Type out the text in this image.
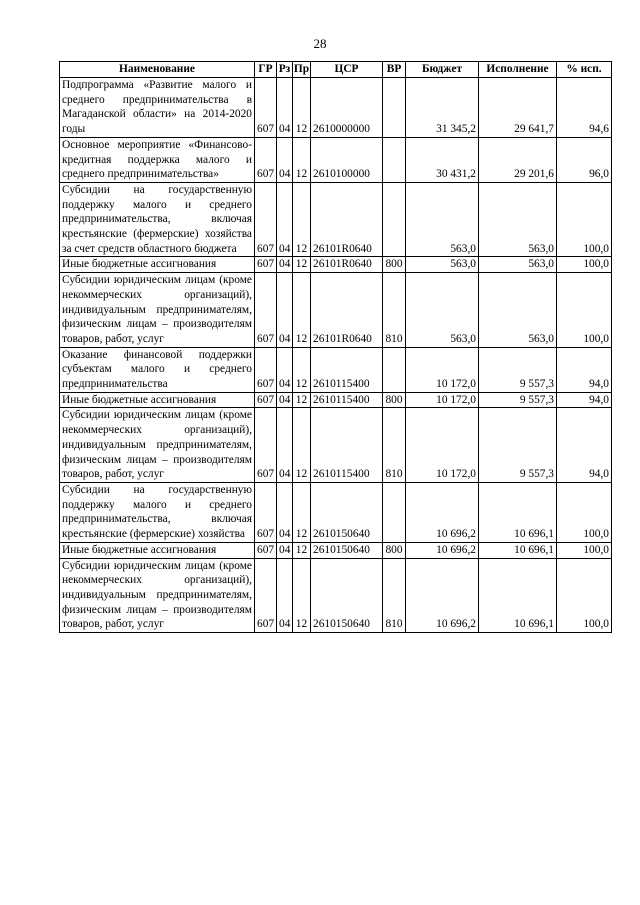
28
Наименование	ГР	Рз	Пр	ЦСР	ВР	Бюджет	Исполнение	% исп.
Подпрограмма «Развитие малого и среднего предпринимательства в Магаданской области» на 2014-2020 годы	607	04	12	2610000000		31 345,2	29 641,7	94,6
Основное мероприятие «Финансово-кредитная поддержка малого и среднего предпринимательства»	607	04	12	2610100000		30 431,2	29 201,6	96,0
Субсидии на государственную поддержку малого и среднего предпринимательства, включая крестьянские (фермерские) хозяйства за счет средств областного бюджета	607	04	12	26101R0640		563,0	563,0	100,0
Иные бюджетные ассигнования	607	04	12	26101R0640	800	563,0	563,0	100,0
Субсидии юридическим лицам (кроме некоммерческих организаций), индивидуальным предпринимателям, физическим лицам – производителям товаров, работ, услуг	607	04	12	26101R0640	810	563,0	563,0	100,0
Оказание финансовой поддержки субъектам малого и среднего предпринимательства	607	04	12	2610115400		10 172,0	9 557,3	94,0
Иные бюджетные ассигнования	607	04	12	2610115400	800	10 172,0	9 557,3	94,0
Субсидии юридическим лицам (кроме некоммерческих организаций), индивидуальным предпринимателям, физическим лицам – производителям товаров, работ, услуг	607	04	12	2610115400	810	10 172,0	9 557,3	94,0
Субсидии на государственную поддержку малого и среднего предпринимательства, включая крестьянские (фермерские) хозяйства	607	04	12	2610150640		10 696,2	10 696,1	100,0
Иные бюджетные ассигнования	607	04	12	2610150640	800	10 696,2	10 696,1	100,0
Субсидии юридическим лицам (кроме некоммерческих организаций), индивидуальным предпринимателям, физическим лицам – производителям товаров, работ, услуг	607	04	12	2610150640	810	10 696,2	10 696,1	100,0
